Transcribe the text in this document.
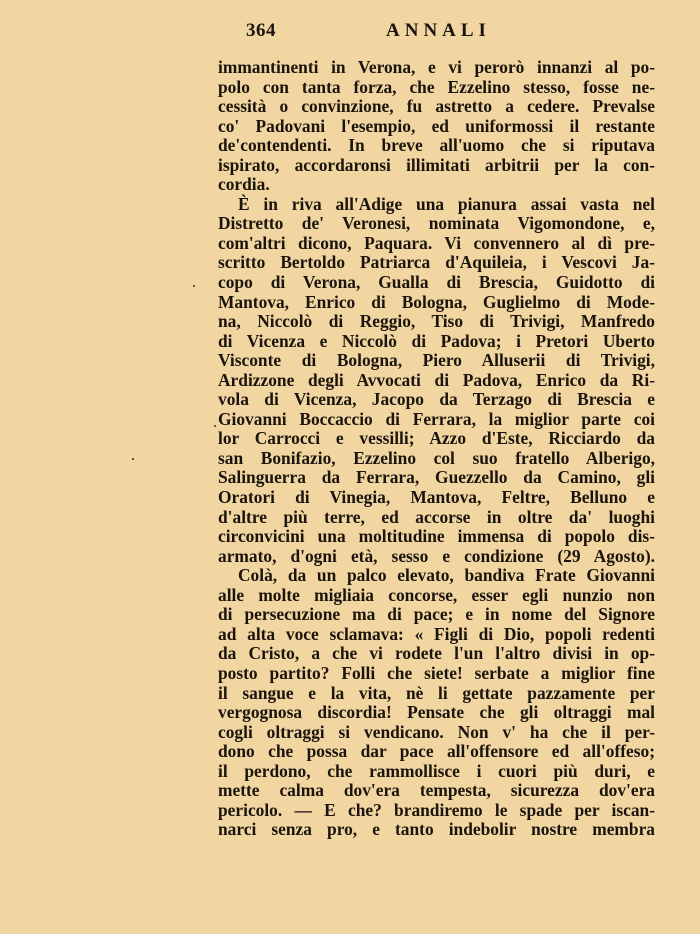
364	ANNALI
immantinenti in Verona, e vi perorò innanzi al po-
polo con tanta forza, che Ezzelino stesso, fosse ne-
cessità o convinzione, fu astretto a cedere. Prevalse
co' Padovani l'esempio, ed uniformossi il restante
de'contendenti. In breve all'uomo che si riputava
ispirato, accordaronsi illimitati arbitrii per la con-
cordia.
È in riva all'Adige una pianura assai vasta nel
Distretto de' Veronesi, nominata Vigomondone, e,
com'altri dicono, Paquara. Vi convennero al dì pre-
scritto Bertoldo Patriarca d'Aquileia, i Vescovi Ja-
copo di Verona, Gualla di Brescia, Guidotto di
Mantova, Enrico di Bologna, Guglielmo di Mode-
na, Niccolò di Reggio, Tiso di Trivigi, Manfredo
di Vicenza e Niccolò di Padova; i Pretori Uberto
Visconte di Bologna, Piero Alluserii di Trivigi,
Ardizzone degli Avvocati di Padova, Enrico da Ri-
vola di Vicenza, Jacopo da Terzago di Brescia e
Giovanni Boccaccio di Ferrara, la miglior parte coi
lor Carrocci e vessilli; Azzo d'Este, Ricciardo da
san Bonifazio, Ezzelino col suo fratello Alberigo,
Salinguerra da Ferrara, Guezzello da Camino, gli
Oratori di Vinegia, Mantova, Feltre, Belluno e
d'altre più terre, ed accorse in oltre da' luoghi
circonvicini una moltitudine immensa di popolo dis-
armato, d'ogni età, sesso e condizione (29 Agosto).
Colà, da un palco elevato, bandiva Frate Giovanni
alle molte migliaia concorse, esser egli nunzio non
di persecuzione ma di pace; e in nome del Signore
ad alta voce sclamava: « Figli di Dio, popoli redenti
da Cristo, a che vi rodete l'un l'altro divisi in op-
posto partito? Folli che siete! serbate a miglior fine
il sangue e la vita, nè li gettate pazzamente per
vergognosa discordia! Pensate che gli oltraggi mal
cogli oltraggi si vendicano. Non v' ha che il per-
dono che possa dar pace all'offensore ed all'offeso;
il perdono, che rammollisce i cuori più duri, e
mette calma dov'era tempesta, sicurezza dov'era
pericolo. — E che? brandiremo le spade per iscan-
narci senza pro, e tanto indebolir nostre membra
